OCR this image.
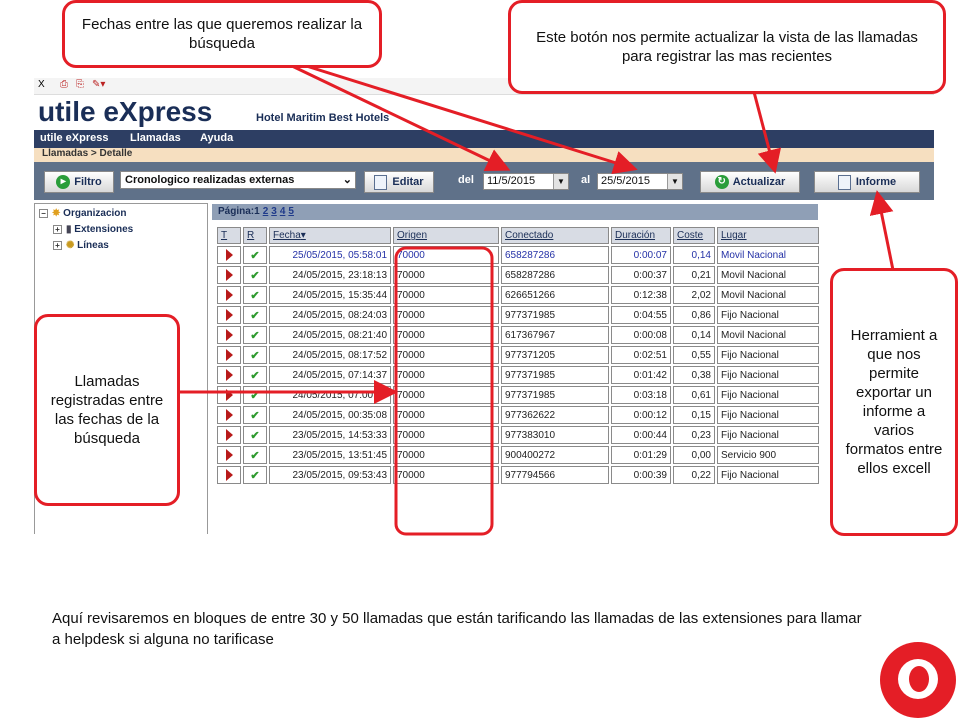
X ⎙ ⎘ ✎▾
utile eXpress	Hotel Maritim Best Hotels
utile eXpress Llamadas Ayuda
Llamadas > Detalle
▸ Filtro	Cronologico realizadas externas	⌄	Editar	del	11/5/2015	▼ al 25/5/2015	▼	↻ Actualizar	Informe
− ✸ Organizacion
+ ▮ Extensiones
+ ✺ Líneas
Página:1 2 3 4 5
T	R	Fecha▾	Origen	Conectado	Duración	Coste	Lugar
	✔	25/05/2015, 05:58:01	70000	658287286	0:00:07	0,14	Movil Nacional
	✔	24/05/2015, 23:18:13	70000	658287286	0:00:37	0,21	Movil Nacional
	✔	24/05/2015, 15:35:44	70000	626651266	0:12:38	2,02	Movil Nacional
	✔	24/05/2015, 08:24:03	70000	977371985	0:04:55	0,86	Fijo Nacional
	✔	24/05/2015, 08:21:40	70000	617367967	0:00:08	0,14	Movil Nacional
	✔	24/05/2015, 08:17:52	70000	977371205	0:02:51	0,55	Fijo Nacional
	✔	24/05/2015, 07:14:37	70000	977371985	0:01:42	0,38	Fijo Nacional
	✔	24/05/2015, 07:00:58	70000	977371985	0:03:18	0,61	Fijo Nacional
	✔	24/05/2015, 00:35:08	70000	977362622	0:00:12	0,15	Fijo Nacional
	✔	23/05/2015, 14:53:33	70000	977383010	0:00:44	0,23	Fijo Nacional
	✔	23/05/2015, 13:51:45	70000	900400272	0:01:29	0,00	Servicio 900
	✔	23/05/2015, 09:53:43	70000	977794566	0:00:39	0,22	Fijo Nacional
Fechas entre las que queremos realizar la búsqueda	Este botón nos permite actualizar la vista de las llamadas para registrar las mas recientes
Llamadas registradas entre las fechas de la búsqueda
Herramient a que nos permite exportar un informe a varios formatos entre ellos excell
Aquí revisaremos en bloques de entre 30 y 50 llamadas que están tarificando las llamadas de las extensiones para llamar a helpdesk si alguna no tarificase
